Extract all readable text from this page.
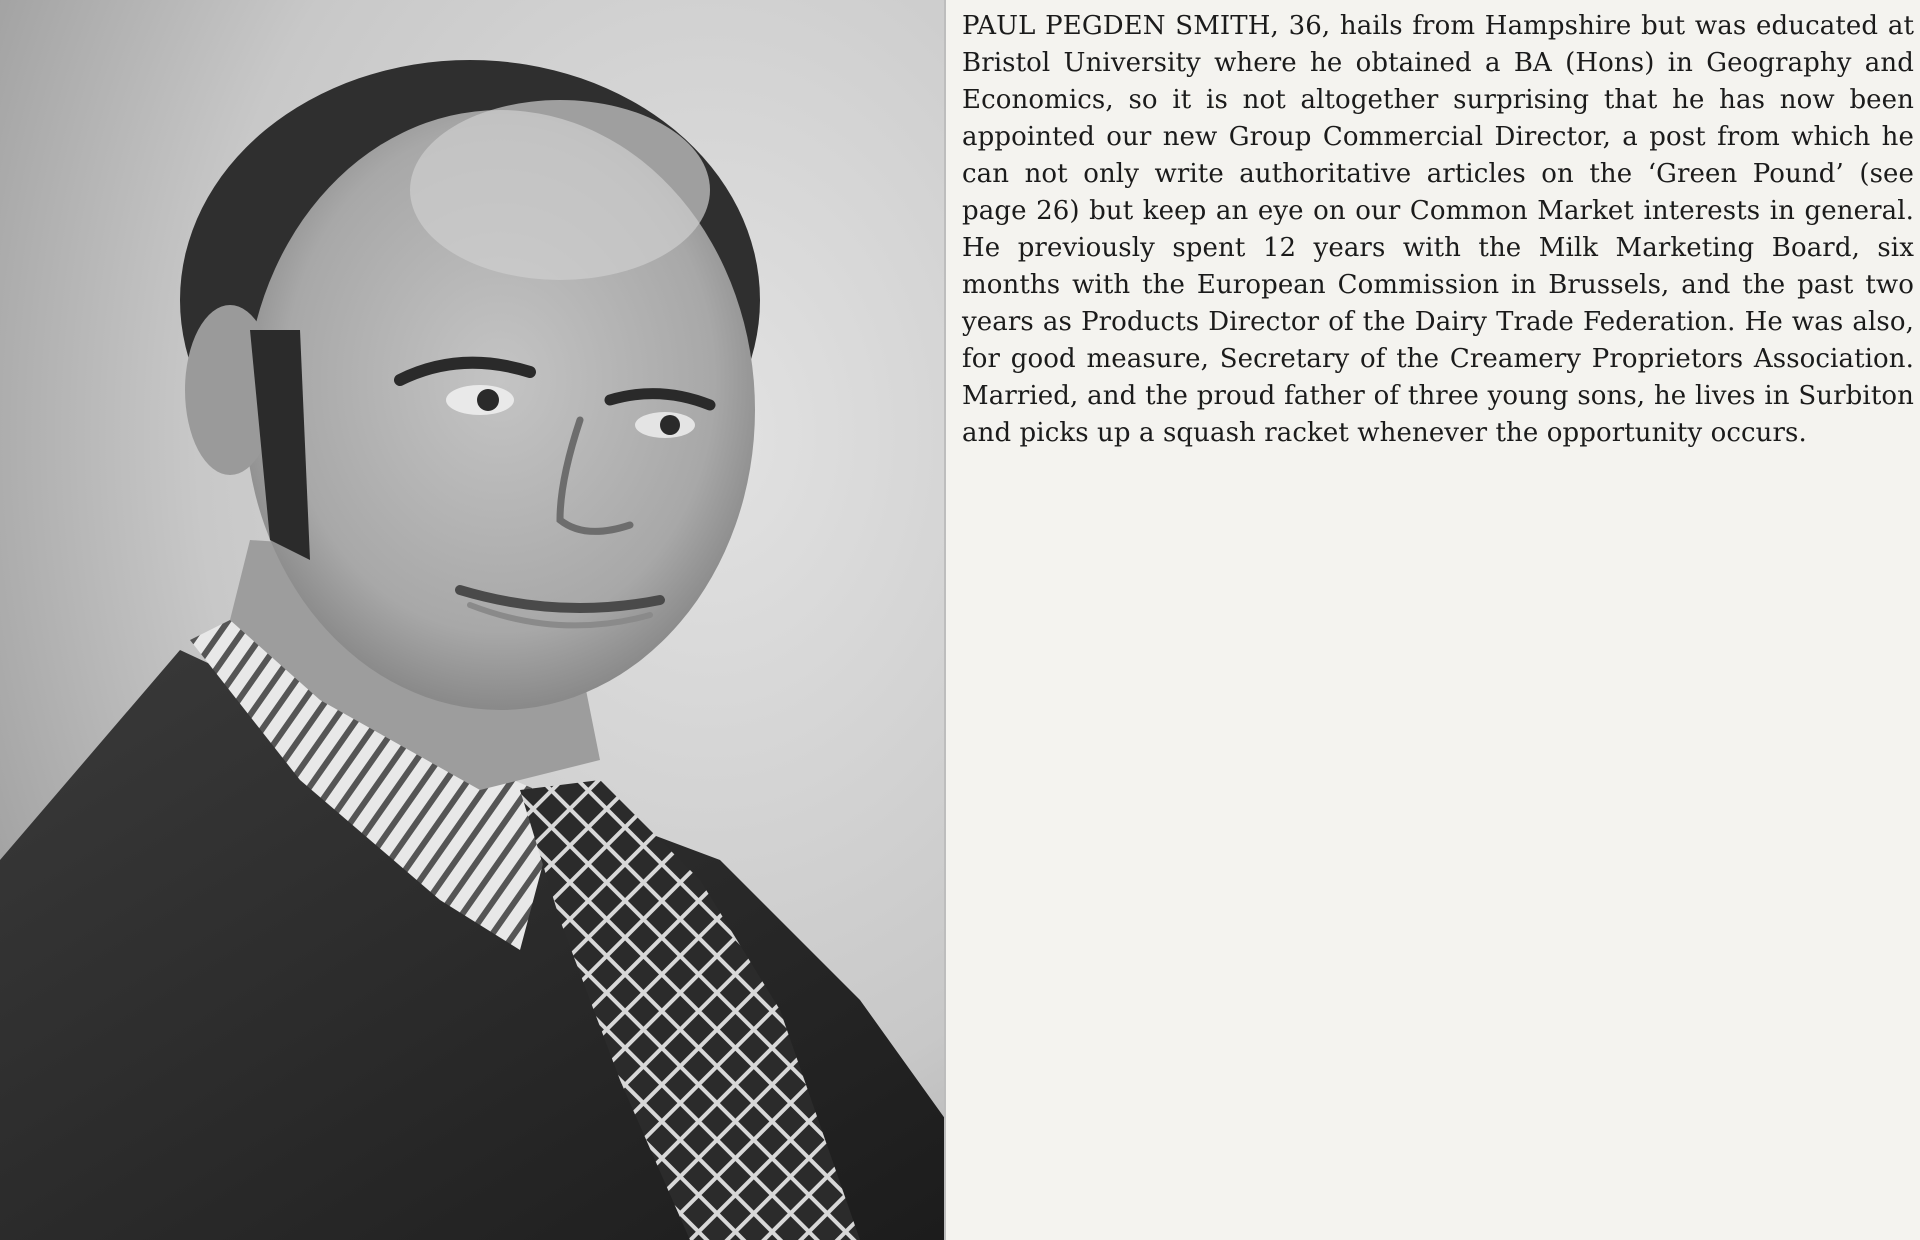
PAUL PEGDEN SMITH, 36, hails from Hampshire but was educated at Bristol University where he obtained a BA (Hons) in Geography and Economics, so it is not altogether surprising that he has now been appointed our new Group Commercial Director, a post from which he can not only write authoritative articles on the ‘Green Pound’ (see page 26) but keep an eye on our Common Market interests in general. He previously spent 12 years with the Milk Marketing Board, six months with the European Commission in Brussels, and the past two years as Products Director of the Dairy Trade Federation. He was also, for good measure, Secretary of the Creamery Proprietors Association. Married, and the proud father of three young sons, he lives in Surbiton and picks up a squash racket whenever the opportunity occurs.
